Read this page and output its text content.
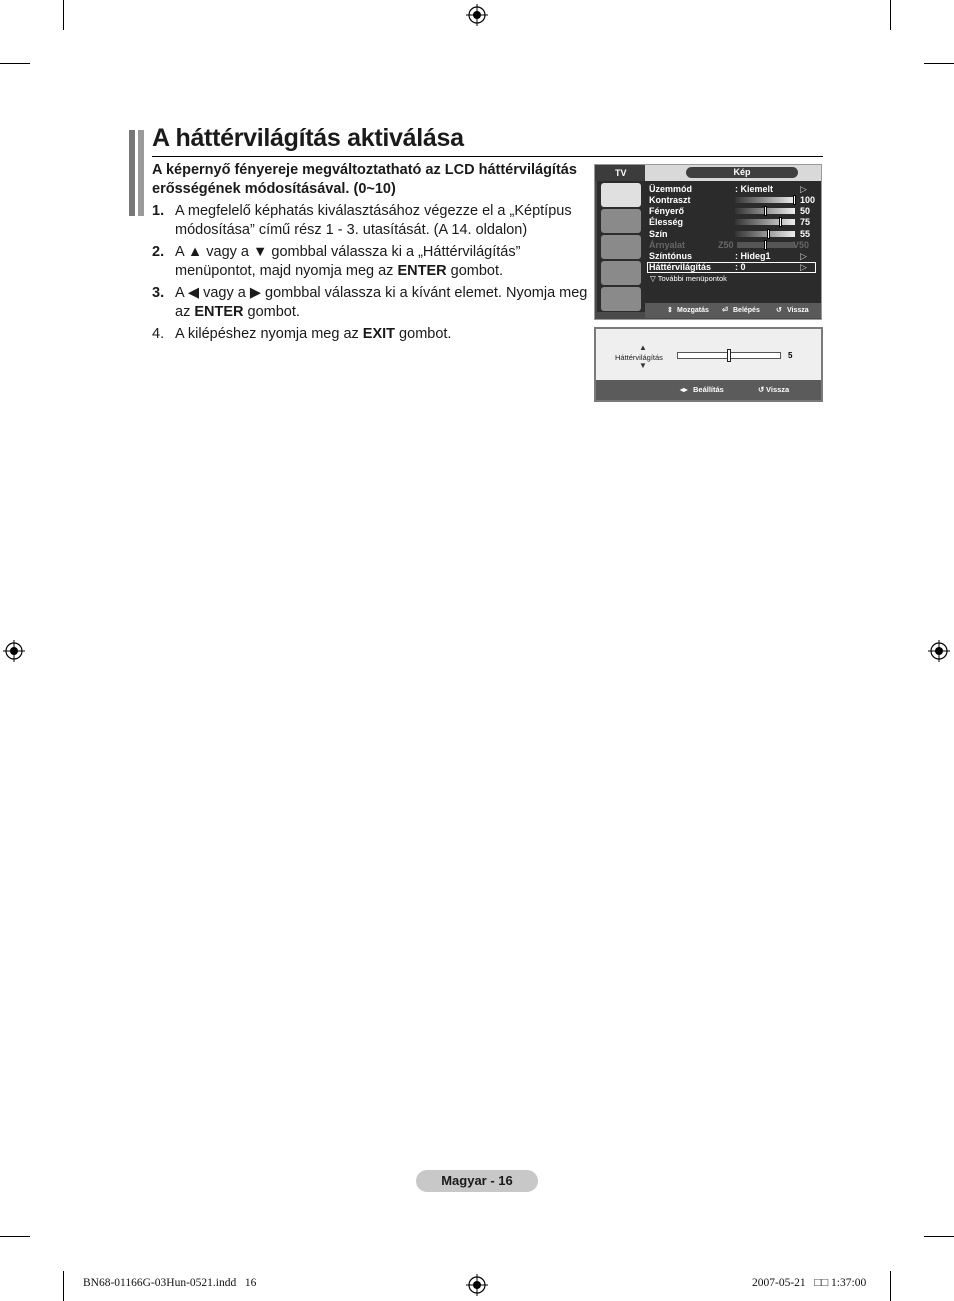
A háttérvilágítás aktiválása
A képernyő fényereje megváltoztatható az LCD háttérvilágítás erősségének módosításával. (0~10)
1. A megfelelő képhatás kiválasztásához végezze el a „Képtípus módosítása” című rész 1 - 3. utasítását. (A 14. oldalon)
2. A ▲ vagy a ▼ gombbal válassza ki a „Háttérvilágítás” menüpontot, majd nyomja meg az ENTER gombot.
3. A ◀ vagy a ▶ gombbal válassza ki a kívánt elemet. Nyomja meg az ENTER gombot.
4. A kilépéshez nyomja meg az EXIT gombot.
TV	Kép
Üzemmód	: Kiemelt	▷
Kontraszt	100
Fényerő	50
Élesség	75
Szín	55
Árnyalat	Z50	V50
Színtónus	: Hideg1	▷
Háttérvilágítás	: 0	▷
▽ További menüpontok
⇕ Mozgatás ⏎ Belépés ↺ Vissza
▲
Háttérvilágítás
▼
5
◂▸ Beállítás	↺ Vissza
Magyar - 16
BN68-01166G-03Hun-0521.indd   16	2007-05-21   □□ 1:37:00
